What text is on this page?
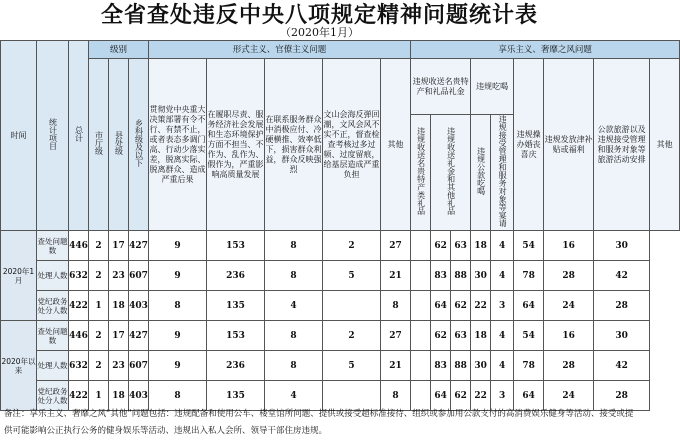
全省查处违反中央八项规定精神问题统计表
（2020年1月）
时间	统计项目	总计	级别			形式主义、官僚主义问题					享乐主义、奢靡之风问题								
			市厅级	县处级	乡科级及以下	贯彻党中央重大决策部署有令不行、有禁不止，或者表态多调门高、行动少落实差，脱离实际、脱离群众、造成严重后果	在履职尽责、服务经济社会发展和生态环境保护方面不担当、不作为、乱作为、假作为，严重影响高质量发展	在联系服务群众中消极应付、冷硬横推、效率低下，损害群众利益，群众反映强烈	文山会海反弹回潮，文风会风不实不正，督查检查考核过多过频、过度留痕，给基层造成严重负担	其他	违规收送名贵特产和礼品礼金			违规吃喝		违规操办婚丧喜庆	违规发放津补贴或福利	公款旅游以及违规接受管理和服务对象等旅游活动安排	其他
											违规收送名贵特产类礼品	违规收送礼金和其他礼品		违规公款吃喝	违规接受管理和服务对象等宴请				
2020年1月	查处问题数	446	2	17	427	9	153	8	2	27		62	63	18	4	54	16	30	
	处理人数	632	2	23	607	9	236	8	5	21		83	88	30	4	78	28	42	
	党纪政务处分人数	422	1	18	403	8	135	4		8		64	62	22	3	64	24	28	
2020年以来	查处问题数	446	2	17	427	9	153	8	2	27		62	63	18	4	54	16	30	
	处理人数	632	2	23	607	9	236	8	5	21		83	88	30	4	78	28	42	
	党纪政务处分人数	422	1	18	403	8	135	4		8		64	62	22	3	64	24	28	
备注：享乐主义、奢靡之风“其他”问题包括：违规配备和使用公车、楼堂馆所问题、提供或接受超标准接待、组织或参加用公款支付的高消费娱乐健身等活动、接受或提供可能影响公正执行公务的健身娱乐等活动、违规出入私人会所、领导干部住房违规。
